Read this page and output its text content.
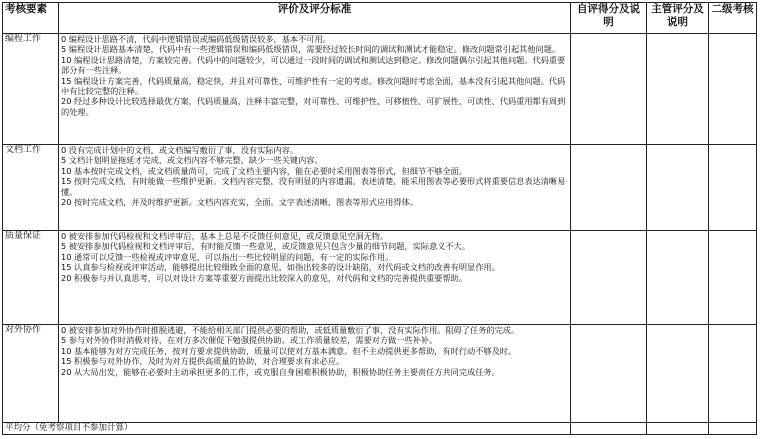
考核要素	评价及评分标准	自评得分及说明	主管评分及说明	二级考核
编程工作	0 编程设计思路不清，代码中逻辑错误或编码低级错误较多，基本不可用。
5 编程设计思路基本清楚，代码中有一些逻辑错误和编码低级错误，需要经过较长时间的调试和测试才能稳定。修改问题常引起其他问题。
10 编程设计思路清楚，方案较完善。代码中的问题较少，可以通过一段时间的调试和测试达到稳定。修改问题偶尔引起其他问题。代码重要部分有一些注释。
15 编程设计方案完善，代码质量高，稳定快，并且对可靠性、可维护性有一定的考虑。修改问题时考虑全面，基本没有引起其他问题。代码中有比较完整的注释。
20 经过多种设计比较选择最优方案，代码质量高，注释丰富完整，对可靠性、可维护性、可移植性、可扩展性、可读性、代码重用都有周到的处理。			

文档工作	0 没有完成计划中的文档，或文档编写敷衍了事，没有实际内容。
5 文档计划明显拖延才完成，或文档内容不够完整，缺少一些关键内容。
10 基本按时完成文档，或文档质量尚可，完成了文档主要内容，能在必要时采用图表等形式，但细节不够全面。
15 按时完成文档，有时能做一些维护更新。文档内容完整，没有明显的内容遗漏。表述清楚，能采用图表等必要形式将重要信息表达清晰易懂。
20 按时完成文档，并及时维护更新。文档内容充实，全面。文字表述清晰，图表等形式应用得体。			

质量保证	0 被安排参加代码检视和文档评审后，基本上总是不反馈任何意见，或反馈意见空洞无物。
5 被安排参加代码检视和文档评审后，有时能反馈一些意见，或反馈意见只包含少量的细节问题，实际意义不大。
10 通常可以反馈一些检视或评审意见，可以指出一些比较明显的问题，有一定的实际作用。
15 认真参与检视或评审活动，能够提出比较细致全面的意见，如指出较多的设计缺陷，对代码或文档的改善有明显作用。
20 积极参与并认真思考，可以对设计方案等重要方面提出比较深入的意见，对代码和文档的完善提供重要帮助。			

对外协作	0 被安排参加对外协作时推脱逃避，不能给相关部门提供必要的帮助，或低质量敷衍了事，没有实际作用。阻碍了任务的完成。
5 参与对外协作时消极对待，在对方多次催促下勉强提供协助。或工作质量较差，需要对方做一些补补。
10 基本能够为对方完成任务，按对方要求提供协助，质量可以使对方基本满意。但不主动提供更多帮助，有时行动不够及时。
15 积极参与对外协作，及时为对方提供高质量的协助，对合理要求有求必应。
20 从大局出发，能够在必要时主动承担更多的工作，或克服自身困难积极协助，积极协助任务主要责任方共同完成任务。			

平均分（免考察项目不参加计算）				
